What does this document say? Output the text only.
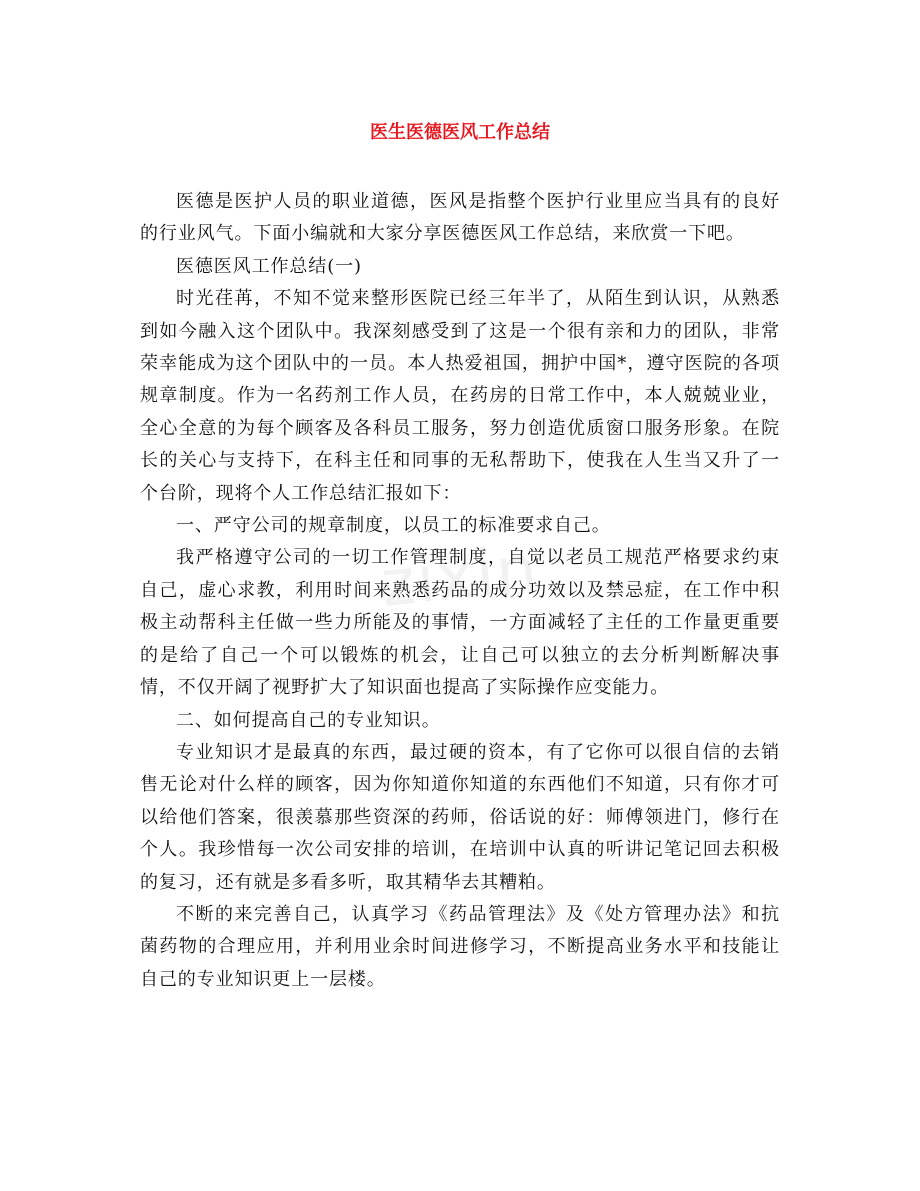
医生医德医风工作总结
zixin

医德是医护人员的职业道德，医风是指整个医护行业里应当具有的良好的行业风气。下面小编就和大家分享医德医风工作总结，来欣赏一下吧。

医德医风工作总结(一)

时光荏苒，不知不觉来整形医院已经三年半了，从陌生到认识，从熟悉到如今融入这个团队中。我深刻感受到了这是一个很有亲和力的团队，非常荣幸能成为这个团队中的一员。本人热爱祖国，拥护中国*，遵守医院的各项规章制度。作为一名药剂工作人员，在药房的日常工作中，本人兢兢业业，全心全意的为每个顾客及各科员工服务，努力创造优质窗口服务形象。在院长的关心与支持下，在科主任和同事的无私帮助下，使我在人生当又升了一个台阶，现将个人工作总结汇报如下：

一、严守公司的规章制度，以员工的标准要求自己。

我严格遵守公司的一切工作管理制度，自觉以老员工规范严格要求约束自己，虚心求教，利用时间来熟悉药品的成分功效以及禁忌症，在工作中积极主动帮科主任做一些力所能及的事情，一方面减轻了主任的工作量更重要的是给了自己一个可以锻炼的机会，让自己可以独立的去分析判断解决事情，不仅开阔了视野扩大了知识面也提高了实际操作应变能力。

二、如何提高自己的专业知识。

专业知识才是最真的东西，最过硬的资本，有了它你可以很自信的去销售无论对什么样的顾客，因为你知道你知道的东西他们不知道，只有你才可以给他们答案，很羡慕那些资深的药师，俗话说的好：师傅领进门，修行在个人。我珍惜每一次公司安排的培训，在培训中认真的听讲记笔记回去积极的复习，还有就是多看多听，取其精华去其糟粕。

不断的来完善自己，认真学习《药品管理法》及《处方管理办法》和抗菌药物的合理应用，并利用业余时间进修学习，不断提高业务水平和技能让自己的专业知识更上一层楼。
